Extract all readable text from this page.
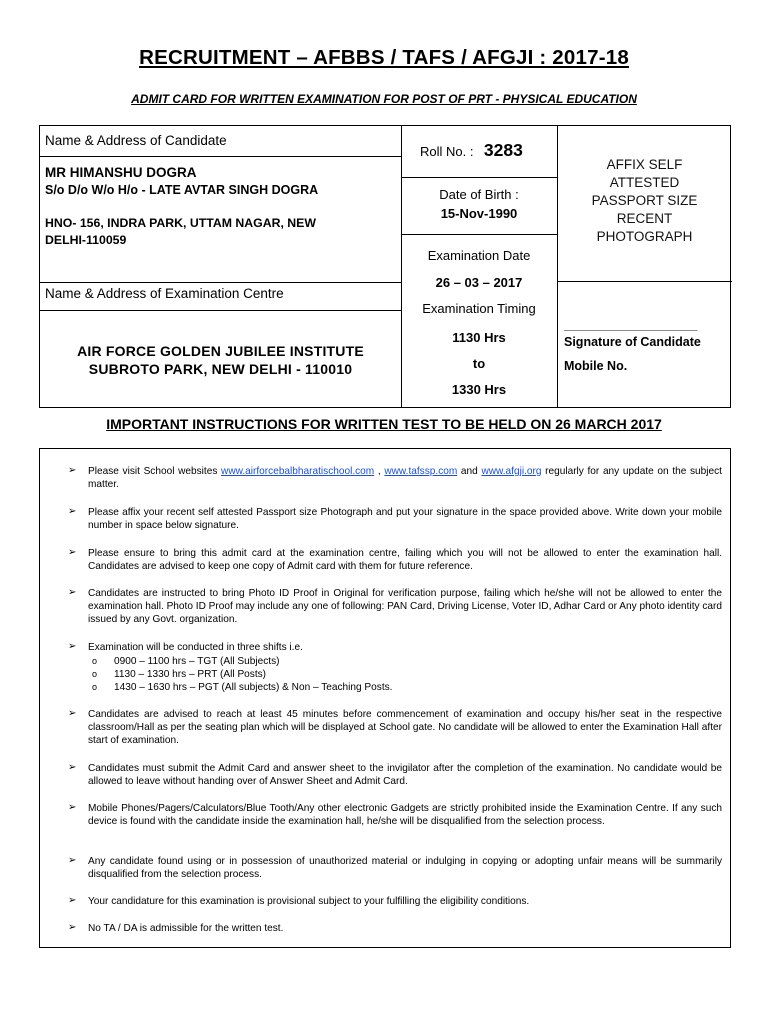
RECRUITMENT – AFBBS / TAFS / AFGJI : 2017-18
ADMIT CARD FOR WRITTEN EXAMINATION FOR POST OF PRT - PHYSICAL EDUCATION
Name & Address of Candidate
MR HIMANSHU DOGRA
S/o D/o W/o H/o - LATE AVTAR SINGH DOGRA
HNO- 156, INDRA PARK, UTTAM NAGAR, NEW
DELHI-110059
Name & Address of Examination Centre
AIR FORCE GOLDEN JUBILEE INSTITUTE
SUBROTO PARK, NEW DELHI - 110010
Roll No. : 3283
Date of Birth :
15-Nov-1990
Examination Date
26 – 03 – 2017
Examination Timing
1130 Hrs
to
1330 Hrs
AFFIX SELF
ATTESTED
PASSPORT SIZE
RECENT
PHOTOGRAPH
____________________
Signature of Candidate
Mobile No.
IMPORTANT INSTRUCTIONS FOR WRITTEN TEST TO BE HELD ON 26 MARCH 2017
➢ Please visit School websites www.airforcebalbharatischool.com , www.tafssp.com and www.afgji.org regularly for any update on the subject matter.
➢ Please affix your recent self attested Passport size Photograph and put your signature in the space provided above. Write down your mobile number in space below signature.
➢ Please ensure to bring this admit card at the examination centre, failing which you will not be allowed to enter the examination hall. Candidates are advised to keep one copy of Admit card with them for future reference.
➢ Candidates are instructed to bring Photo ID Proof in Original for verification purpose, failing which he/she will not be allowed to enter the examination hall. Photo ID Proof may include any one of following: PAN Card, Driving License, Voter ID, Adhar Card or Any photo identity card issued by any Govt. organization.
➢ Examination will be conducted in three shifts i.e.
o 0900 – 1100 hrs – TGT (All Subjects)
o 1130 – 1330 hrs – PRT (All Posts)
o 1430 – 1630 hrs – PGT (All subjects) & Non – Teaching Posts.
➢ Candidates are advised to reach at least 45 minutes before commencement of examination and occupy his/her seat in the respective classroom/Hall as per the seating plan which will be displayed at School gate. No candidate will be allowed to enter the Examination Hall after start of examination.
➢ Candidates must submit the Admit Card and answer sheet to the invigilator after the completion of the examination. No candidate would be allowed to leave without handing over of Answer Sheet and Admit Card.
➢ Mobile Phones/Pagers/Calculators/Blue Tooth/Any other electronic Gadgets are strictly prohibited inside the Examination Centre. If any such device is found with the candidate inside the examination hall, he/she will be disqualified from the selection process.
➢ Any candidate found using or in possession of unauthorized material or indulging in copying or adopting unfair means will be summarily disqualified from the selection process.
➢ Your candidature for this examination is provisional subject to your fulfilling the eligibility conditions.
➢ No TA / DA is admissible for the written test.
